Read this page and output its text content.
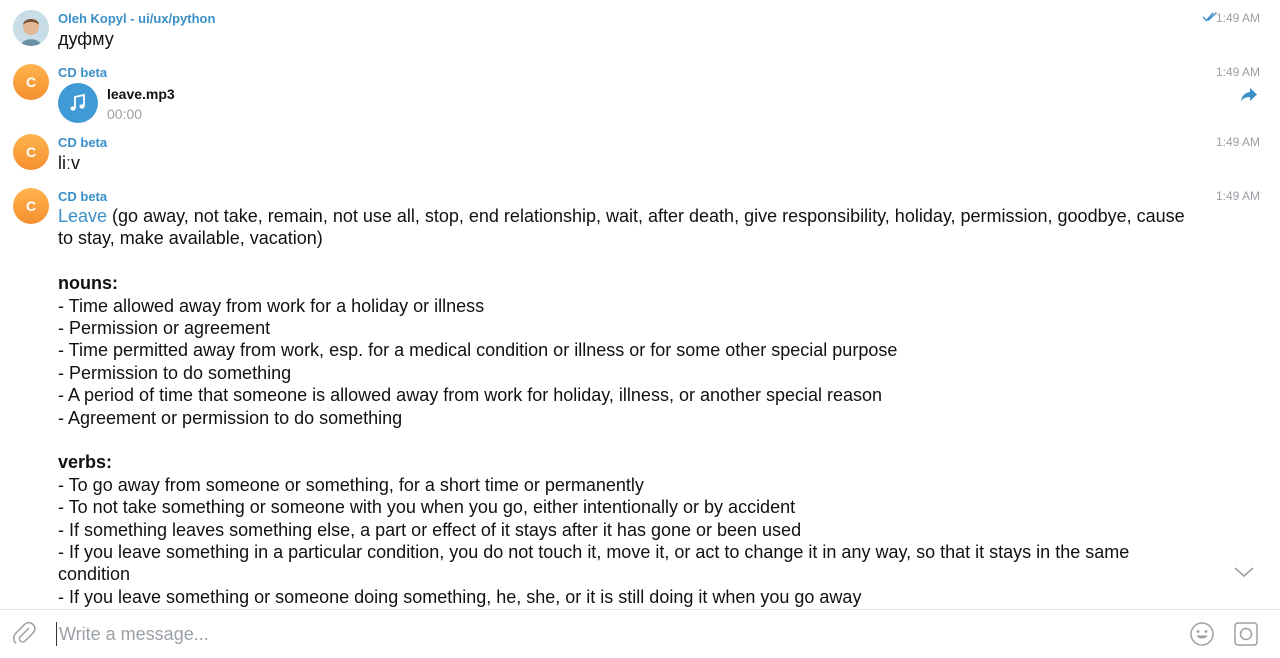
Oleh Kopyl - ui/ux/python	1:49 AM
дуфму
C
CD beta	1:49 AM
leave.mp3
00:00
C
CD beta	1:49 AM
liːv
C
CD beta	1:49 AM
Leave (go away, not take, remain, not use all, stop, end relationship, wait, after death, give responsibility, holiday, permission, goodbye, cause to stay, make available, vacation)
nouns:
- Time allowed away from work for a holiday or illness
- Permission or agreement
- Time permitted away from work, esp. for a medical condition or illness or for some other special purpose
- Permission to do something
- A period of time that someone is allowed away from work for holiday, illness, or another special reason
- Agreement or permission to do something
verbs:
- To go away from someone or something, for a short time or permanently
- To not take something or someone with you when you go, either intentionally or by accident
- If something leaves something else, a part or effect of it stays after it has gone or been used
- If you leave something in a particular condition, you do not touch it, move it, or act to change it in any way, so that it stays in the same condition
- If you leave something or someone doing something, he, she, or it is still doing it when you go away
Write a message...
